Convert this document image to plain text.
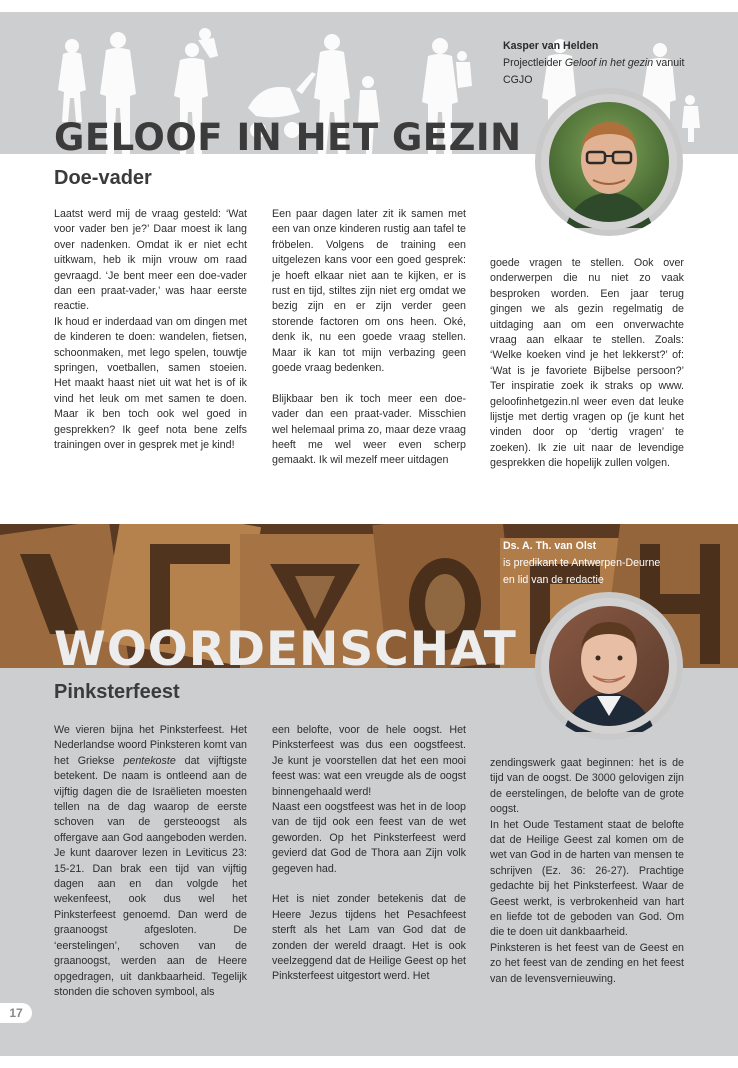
GELOOF IN HET GEZIN
Doe-vader
Kasper van Helden
Projectleider Geloof in het gezin vanuit
CGJO

Laatst werd mij de vraag gesteld: ‘Wat voor vader ben je?’ Daar moest ik lang over nadenken. Omdat ik er niet echt uitkwam, heb ik mijn vrouw om raad gevraagd. ‘Je bent meer een doe-vader dan een praat-vader,’ was haar eerste reactie.

Ik houd er inderdaad van om dingen met de kinderen te doen: wandelen, fietsen, schoonmaken, met lego spelen, touwtje springen, voetballen, samen stoeien. Het maakt haast niet uit wat het is of ik vind het leuk om met samen te doen. Maar ik ben toch ook wel goed in gesprekken? Ik geef nota bene zelfs trainingen over in gesprek met je kind!

Een paar dagen later zit ik samen met een van onze kinderen rustig aan tafel te fröbelen. Volgens de training een uitgelezen kans voor een goed gesprek: je hoeft elkaar niet aan te kijken, er is rust en tijd, stiltes zijn niet erg omdat we bezig zijn en er zijn verder geen storende factoren om ons heen. Oké, denk ik, nu een goede vraag stellen. Maar ik kan tot mijn verbazing geen goede vraag bedenken.

Blijkbaar ben ik toch meer een doe-vader dan een praat-vader. Misschien wel helemaal prima zo, maar deze vraag heeft me wel weer even scherp gemaakt. Ik wil mezelf meer uitdagen

goede vragen te stellen. Ook over onderwerpen die nu niet zo vaak besproken worden. Een jaar terug gingen we als gezin regelmatig de uitdaging aan om een onverwachte vraag aan elkaar te stellen. Zoals: ‘Welke koeken vind je het lekkerst?’ of: ‘Wat is je favoriete Bijbelse persoon?’ Ter inspiratie zoek ik straks op www. geloofinhetgezin.nl weer even dat leuke lijstje met dertig vragen op (je kunt het vinden door op ‘dertig vragen’ te zoeken). Ik zie uit naar de levendige gesprekken die hopelijk zullen volgen.

WOORDENSCHAT
Pinksterfeest
Ds. A. Th. van Olst
is predikant te Antwerpen-Deurne
en lid van de redactie

We vieren bijna het Pinksterfeest. Het Nederlandse woord Pinksteren komt van het Griekse pentekoste dat vijftigste betekent. De naam is ontleend aan de vijftig dagen die de Israëlieten moesten tellen na de dag waarop de eerste schoven van de gersteoogst als offergave aan God aangeboden werden. Je kunt daarover lezen in Leviticus 23: 15-21. Dan brak een tijd van vijftig dagen aan en dan volgde het wekenfeest, ook dus wel het Pinksterfeest genoemd. Dan werd de graanoogst afgesloten. De ‘eerstelingen’, schoven van de graanoogst, werden aan de Heere opgedragen, uit dankbaarheid. Tegelijk stonden die schoven symbool, als

een belofte, voor de hele oogst. Het Pinksterfeest was dus een oogstfeest. Je kunt je voorstellen dat het een mooi feest was: wat een vreugde als de oogst binnengehaald werd!

Naast een oogstfeest was het in de loop van de tijd ook een feest van de wet geworden. Op het Pinksterfeest werd gevierd dat God de Thora aan Zijn volk gegeven had.

Het is niet zonder betekenis dat de Heere Jezus tijdens het Pesachfeest sterft als het Lam van God dat de zonden der wereld draagt. Het is ook veelzeggend dat de Heilige Geest op het Pinksterfeest uitgestort werd. Het

zendingswerk gaat beginnen: het is de tijd van de oogst. De 3000 gelovigen zijn de eerstelingen, de belofte van de grote oogst.

In het Oude Testament staat de belofte dat de Heilige Geest zal komen om de wet van God in de harten van mensen te schrijven (Ez. 36: 26-27). Prachtige gedachte bij het Pinksterfeest. Waar de Geest werkt, is verbrokenheid van hart en liefde tot de geboden van God. Om die te doen uit dankbaarheid.

Pinksteren is het feest van de Geest en zo het feest van de zending en het feest van de levensvernieuwing.

17
